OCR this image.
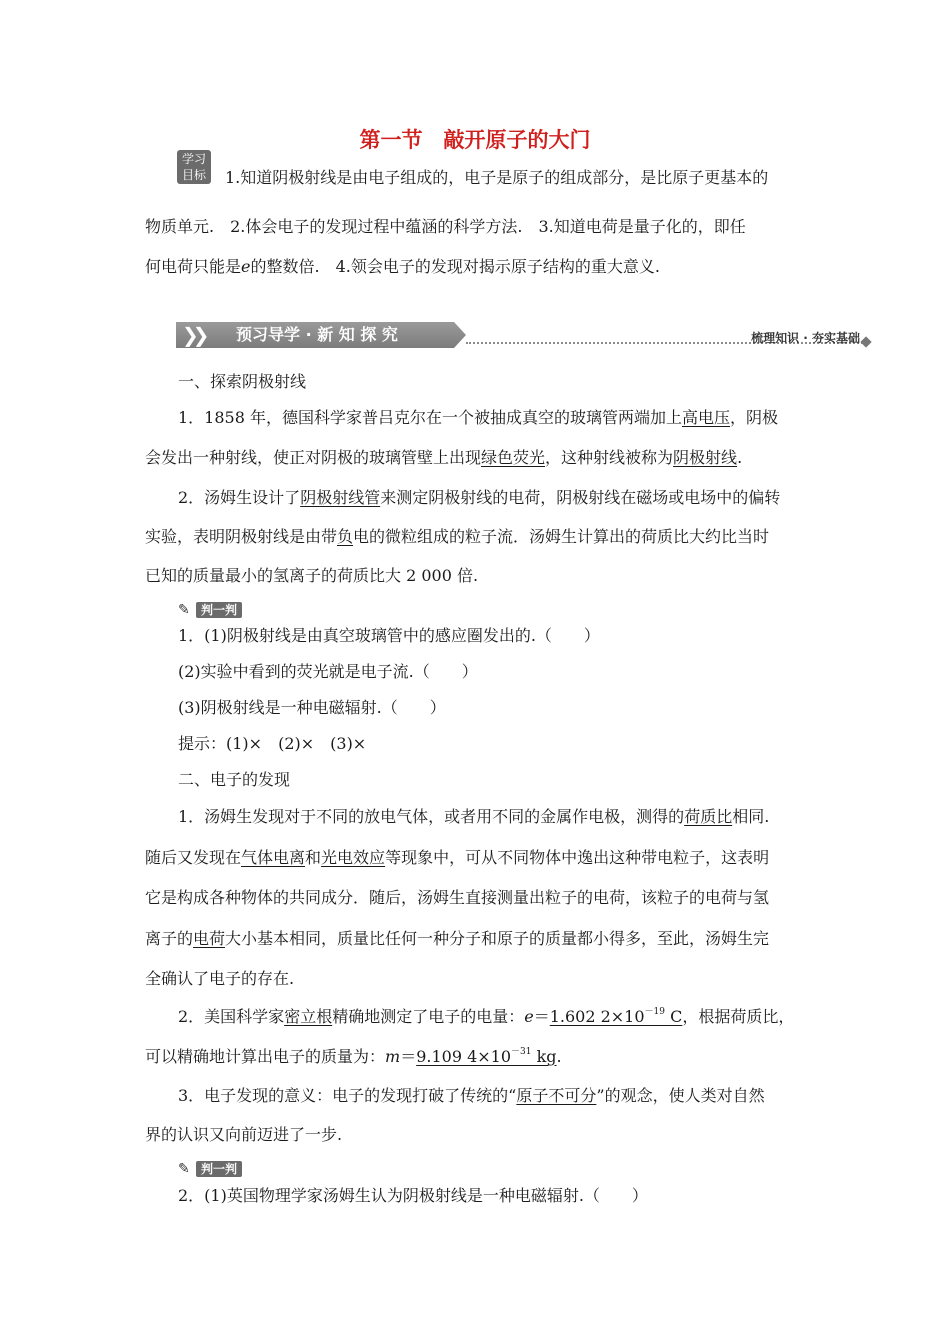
第一节　敲开原子的大门
学习
目标	1.知道阴极射线是由电子组成的，电子是原子的组成部分，是比原子更基本的
物质单元.　2.体会电子的发现过程中蕴涵的科学方法.　3.知道电荷是量子化的，即任
何电荷只能是e的整数倍.　4.领会电子的发现对揭示原子结构的重大意义.
❯❯ 预习导学 · 新 知 探 究	梳理知识 · 夯实基础
一、探索阴极射线
1．1858 年，德国科学家普吕克尔在一个被抽成真空的玻璃管两端加上高电压，阴极
会发出一种射线，使正对阴极的玻璃管壁上出现绿色荧光，这种射线被称为阴极射线.
2．汤姆生设计了阴极射线管来测定阴极射线的电荷，阴极射线在磁场或电场中的偏转
实验，表明阴极射线是由带负电的微粒组成的粒子流．汤姆生计算出的荷质比大约比当时
已知的质量最小的氢离子的荷质比大 2 000 倍.
✎ 判一判
1．(1)阴极射线是由真空玻璃管中的感应圈发出的.（　　）
(2)实验中看到的荧光就是电子流.（　　）
(3)阴极射线是一种电磁辐射.（　　）
提示：(1)×　(2)×　(3)×
二、电子的发现
1．汤姆生发现对于不同的放电气体，或者用不同的金属作电极，测得的荷质比相同.
随后又发现在气体电离和光电效应等现象中，可从不同物体中逸出这种带电粒子，这表明
它是构成各种物体的共同成分．随后，汤姆生直接测量出粒子的电荷，该粒子的电荷与氢
离子的电荷大小基本相同，质量比任何一种分子和原子的质量都小得多，至此，汤姆生完
全确认了电子的存在.
2．美国科学家密立根精确地测定了电子的电量：e＝1.602 $2\times 10^{-19}$ C，根据荷质比，
可以精确地计算出电子的质量为：m＝9.109 $4\times 10^{-31}$ kg.
3．电子发现的意义：电子的发现打破了传统的“原子不可分”的观念，使人类对自然
界的认识又向前迈进了一步.
✎ 判一判
2．(1)英国物理学家汤姆生认为阴极射线是一种电磁辐射.（　　）
